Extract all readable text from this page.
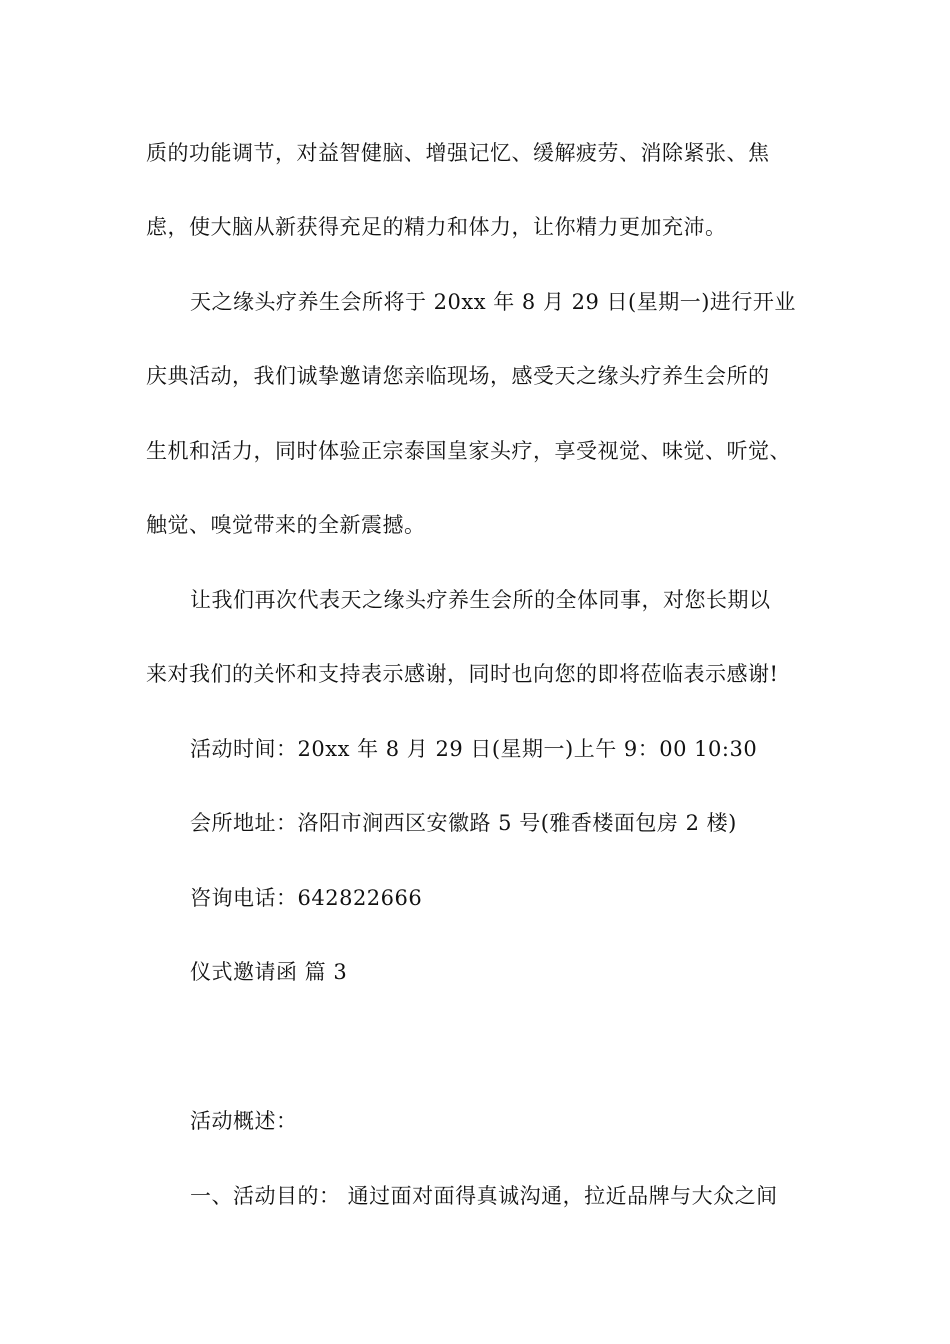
质的功能调节，对益智健脑、增强记忆、缓解疲劳、消除紧张、焦
虑，使大脑从新获得充足的精力和体力，让你精力更加充沛。
天之缘头疗养生会所将于 20xx 年 8 月 29 日(星期一)进行开业
庆典活动，我们诚挚邀请您亲临现场，感受天之缘头疗养生会所的
生机和活力，同时体验正宗泰国皇家头疗，享受视觉、味觉、听觉、
触觉、嗅觉带来的全新震撼。
让我们再次代表天之缘头疗养生会所的全体同事，对您长期以
来对我们的关怀和支持表示感谢，同时也向您的即将莅临表示感谢!
活动时间：20xx 年 8 月 29 日(星期一)上午 9：00 10:30
会所地址：洛阳市涧西区安徽路 5 号(雅香楼面包房 2 楼)
咨询电话：642822666
仪式邀请函 篇 3
活动概述：
一、活动目的： 通过面对面得真诚沟通，拉近品牌与大众之间
